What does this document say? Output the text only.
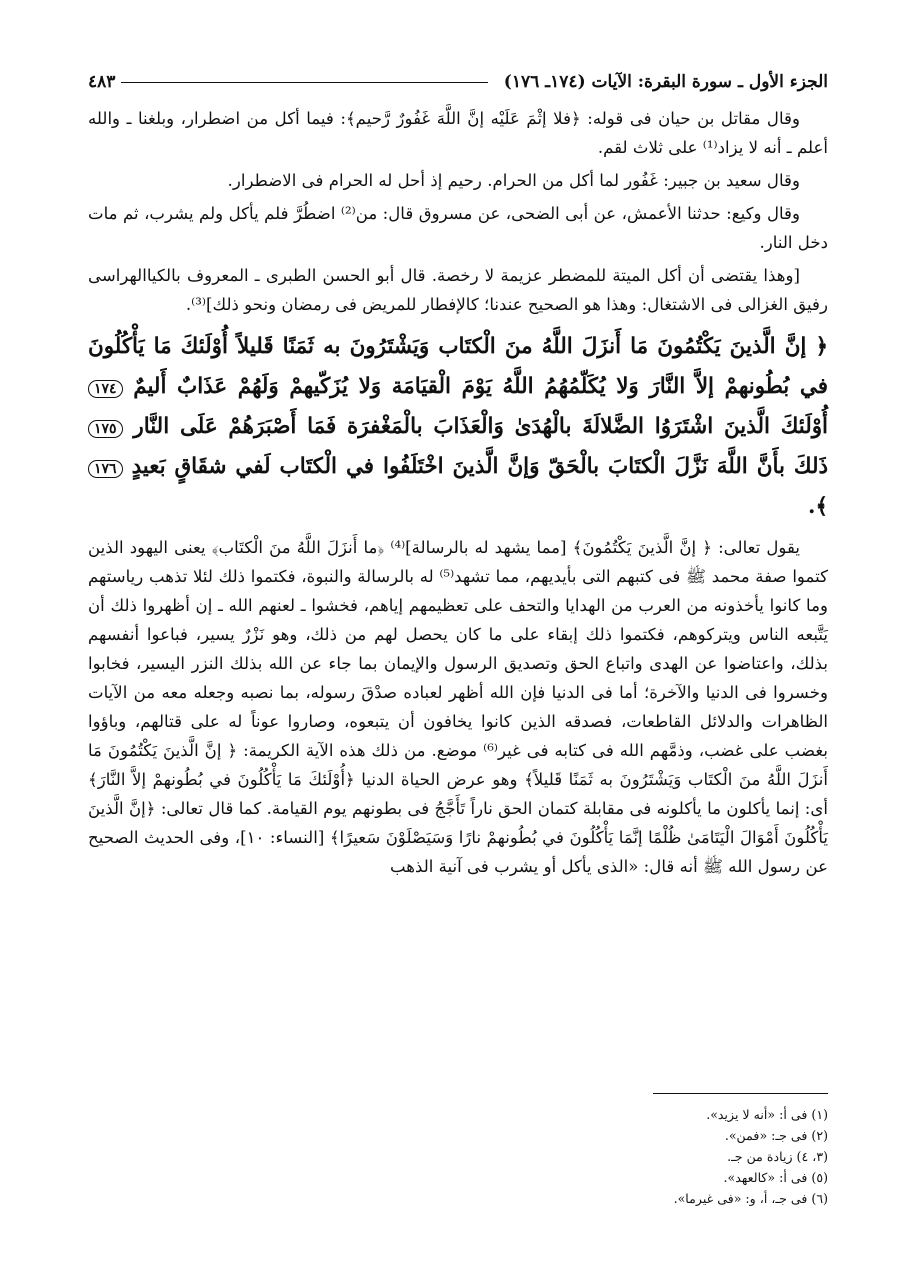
الجزء الأول ـ سورة البقرة: الآيات (١٧٤ـ ١٧٦)
٤٨٣

وقال مقاتل بن حيان فى قوله: ﴿فلا إثْمَ عَلَيْه إنَّ اللَّهَ غَفُورٌ رَّحيم﴾: فيما أكل من اضطرار، وبلغنا ـ والله أعلم ـ أنه لا يزاد⁽¹⁾ على ثلاث لقم.

وقال سعيد بن جبير: غَفُور لما أكل من الحرام. رحيم إذ أحل له الحرام فى الاضطرار.

وقال وكيع: حدثنا الأعمش، عن أبى الضحى، عن مسروق قال: من⁽²⁾ اضطُرَّ فلم يأكل ولم يشرب، ثم مات دخل النار.

[وهذا يقتضى أن أكل الميتة للمضطر عزيمة لا رخصة. قال أبو الحسن الطبرى ـ المعروف بالكياالهراسى رفيق الغزالى فى الاشتغال: وهذا هو الصحيح عندنا؛ كالإفطار للمريض فى رمضان ونحو ذلك]⁽³⁾.

﴿ إنَّ الَّذينَ يَكْتُمُونَ مَا أَنزَلَ اللَّهُ منَ الْكتَاب وَيَشْتَرُونَ به ثَمَنًا قَليلاً أُوْلَئكَ مَا يَأْكُلُونَ في بُطُونهمْ إلاَّ النَّارَ وَلا يُكَلّمُهُمُ اللَّهُ يَوْمَ الْقيَامَة وَلا يُزَكّيهمْ وَلَهُمْ عَذَابٌ أَليمٌ ١٧٤ أُوْلَئكَ الَّذينَ اشْتَرَوُا الضَّلالَةَ بالْهُدَىٰ وَالْعَذَابَ بالْمَغْفرَة فَمَا أَصْبَرَهُمْ عَلَى النَّار ١٧٥ ذَلكَ بأَنَّ اللَّهَ نَزَّلَ الْكتَابَ بالْحَقّ وَإنَّ الَّذينَ اخْتَلَفُوا في الْكتَاب لَفي شقَاقٍ بَعيدٍ ١٧٦ ﴾.

يقول تعالى: ﴿ إنَّ الَّذينَ يَكْتُمُونَ﴾ [مما يشهد له بالرسالة]⁽⁴⁾ ﴿ما أَنزَلَ اللَّهُ منَ الْكتَاب﴾ يعنى اليهود الذين كتموا صفة محمد ﷺ فى كتبهم التى بأيديهم، مما تشهد⁽⁵⁾ له بالرسالة والنبوة، فكتموا ذلك لئلا تذهب رياستهم وما كانوا يأخذونه من العرب من الهدايا والتحف على تعظيمهم إياهم، فخشوا ـ لعنهم الله ـ إن أظهروا ذلك أن يَتَّبعه الناس ويتركوهم، فكتموا ذلك إبقاء على ما كان يحصل لهم من ذلك، وهو نَزْرٌ يسير، فباعوا أنفسهم بذلك، واعتاضوا عن الهدى واتباع الحق وتصديق الرسول والإيمان بما جاء عن الله بذلك النزر اليسير، فخابوا وخسروا فى الدنيا والآخرة؛ أما فى الدنيا فإن الله أظهر لعباده صدْقَ رسوله، بما نصبه وجعله معه من الآيات الظاهرات والدلائل القاطعات، فصدقه الذين كانوا يخافون أن يتبعوه، وصاروا عوناً له على قتالهم، وباؤوا بغضب على غضب، وذمَّهم الله فى كتابه فى غير⁽⁶⁾ موضع. من ذلك هذه الآية الكريمة: ﴿ إنَّ الَّذينَ يَكْتُمُونَ مَا أَنزَلَ اللَّهُ منَ الْكتَاب وَيَشْتَرُونَ به ثَمَنًا قَليلاً﴾ وهو عرض الحياة الدنيا ﴿أُوْلَئكَ مَا يَأْكُلُونَ في بُطُونهمْ إلاَّ النَّارَ﴾ أى: إنما يأكلون ما يأكلونه فى مقابلة كتمان الحق ناراً تَأَجَّجُ فى بطونهم يوم القيامة. كما قال تعالى: ﴿إنَّ الَّذينَ يَأْكُلُونَ أَمْوَالَ الْيَتَامَىٰ ظُلْمًا إنَّمَا يَأْكُلُونَ في بُطُونهمْ نارًا وَسَيَصْلَوْنَ سَعيرًا﴾ [النساء: ١٠]، وفى الحديث الصحيح عن رسول الله ﷺ أنه قال: «الذى يأكل أو يشرب فى آنية الذهب

(١) فى أ: «أنه لا يزيد».
(٢) فى جـ: «فمن».
(٣، ٤) زيادة من جـ.
(٥) فى أ: «كالعهد».
(٦) فى جـ، أ، و: «فى غيرما».
